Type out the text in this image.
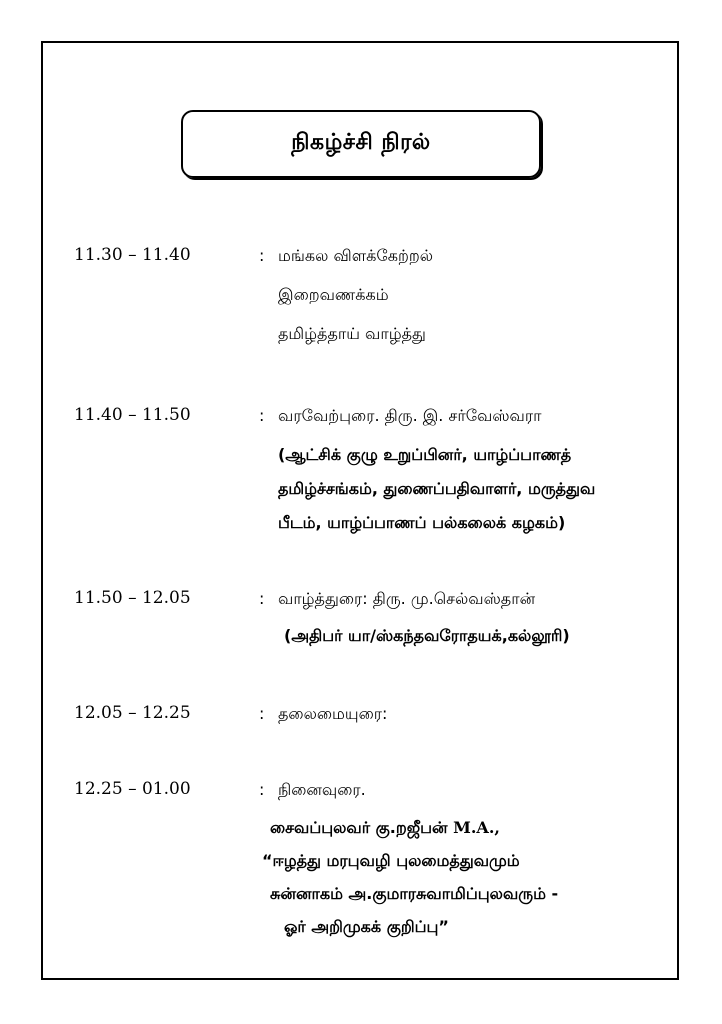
நிகழ்ச்சி நிரல்
11.30 – 11.40	: மங்கல விளக்கேற்றல்
இறைவணக்கம்
தமிழ்த்தாய் வாழ்த்து
11.40 – 11.50	: வரவேற்புரை. திரு. இ. சர்வேஸ்வரா
(ஆட்சிக் குழு உறுப்பினர், யாழ்ப்பாணத்
தமிழ்ச்சங்கம், துணைப்பதிவாளர், மருத்துவ
பீடம், யாழ்ப்பாணப் பல்கலைக் கழகம்)
11.50 – 12.05	: வாழ்த்துரை: திரு. மு.செல்வஸ்தான்
(அதிபர் யா/ஸ்கந்தவரோதயக்,கல்லூரி)
12.05 – 12.25	: தலைமையுரை:
12.25 – 01.00	: நினைவுரை.
சைவப்புலவர் கு.றஜீபன் M.A.,
“ஈழத்து மரபுவழி புலமைத்துவமும்
சுன்னாகம் அ.குமாரசுவாமிப்புலவரும் -
ஓர் அறிமுகக் குறிப்பு”
